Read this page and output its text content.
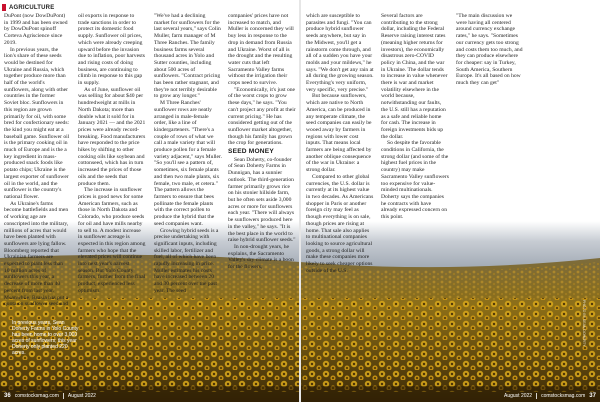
AGRICULTURE

DuPont (now DowDuPont) in 1999 and has been owned by DowDuPont spinoff Corteva Agriscience since 2019.

In previous years, the lion's share of these seeds would be destined for Ukraine and Russia, which together produce more than half of the world's sunflowers, along with other countries in the former Soviet bloc. Sunflowers in this region are grown primarily for oil, with some bred for confectionary seeds: the kind you might eat at a baseball game. Sunflower oil is the primary cooking oil in much of Europe and is the a key ingredient in mass-produced snack foods like potato chips; Ukraine is the largest exporter of sunflower oil in the world, and the sunflower is the country's national flower.

As Ukraine's farms become battlefields and men of working age are conscripted into the military, millions of acres that would have been planted with sunflowers are lying fallow. Bloomberg reported that Ukrainian farmers are expected to plant less than 10 million acres of sunflowers this year, a decrease of more than 40 percent from last year. Meanwhile, Russia has put a quota on sunflower seed and

oil exports in response to trade sanctions in order to protect its domestic food supply. Sunflower oil prices, which were already creeping upward before the invasion due to inflation, poor harvests and rising costs of doing business, are continuing to climb in response to this gap in supply.

As of June, sunflower oil was selling for about $40 per hundredweight at mills in North Dakota; more than double what it sold for in January 2021 — and the 2021 prices were already record-breaking. Food manufacturers have responded to the price hikes by shifting to other cooking oils like soybean and cottonseed, which has in turn increased the prices of those oils and the seeds that produce them.

The increase in sunflower prices is good news for some American farmers, such as those in North Dakota and Colorado, who produce seeds for oil and have mills nearby to sell to. A modest increase in sunflower acreage is expected in this region among farmers who hope that the elevated prices will continue into next year's harvest season. But Yolo County farmers, further from the final product, experienced less optimism.

"We've had a declining market for sunflowers for the last several years," says Colin Muller, farm manager of M Three Ranches. The family business farms several thousand acres in Yolo and Sutter counties, including about 500 acres of sunflowers. "Contract pricing has been rather stagnant, and they're not terribly desirable to grow any longer."

M Three Ranches' sunflower rows are neatly arranged in male-female order, like a line of kindergarteners. "There's a couple of rows of what we call a male variety that will produce pollen for a female variety adjacent," says Muller. "So you'll see a pattern of, sometimes, six female plants and then two male plants, six female, two male, et cetera." The pattern allows the farmers to ensure that bees pollinate the female plants with the correct pollen to produce the hybrid that the seed companies want.

Growing hybrid seeds is a precise undertaking with significant inputs, including skilled labor, fertilizer and fuel, all of which have been rapidly increasing in price. Muller estimates his costs have increased between 20 and 30 percent over the past year. The seed

companies' prices have not increased to match, and Muller is concerned they will buy less in response to the drop in demand from Russia and Ukraine. Worst of all is the drought and the resulting water cuts that left Sacramento Valley farms without the irrigation their crops need to survive.

"Economically, it's just one of the worst crops to grow these days," he says. "You can't project any profit at their current pricing." He has considered getting out of the sunflower market altogether, though his family has grown the crop for generations.

SEED MONEY

Sean Doherty, co-founder of Sean Doherty Farms in Dunnigan, has a sunnier outlook. The third-generation farmer primarily grows rice on his stonier hillside farm, but he often sets aside 3,000 acres or more for sunflowers each year. "There will always be sunflowers produced here in the valley," he says. "It is the best place in the world to raise hybrid sunflower seeds."

In non-drought years, he explains, the Sacramento Valley's dry climate is a boon for the flowers,

which are susceptible to parasites and fungi. "You can produce hybrid sunflower seeds anywhere, but say in the Midwest, you'll get a rainstorm come through, and all of a sudden you have your molds and your mildews," he says. "We don't get any rain at all during the growing season. Everything's very uniform, very specific, very precise."

But because sunflowers, which are native to North America, can be produced in any temperate climate, the seed companies can easily be wooed away by farmers in regions with lower cost inputs. That means local farmers are being affected by another oblique consequence of the war in Ukraine: a strong dollar.

Compared to other global currencies, the U.S. dollar is currently at its highest value in two decades. As Americans shopper in Paris or another foreign city may feel as though everything is on sale, though prices are rising at home. That sale also applies to multinational companies looking to source agricultural goods, a strong dollar will make these companies more likely to seek cheaper options outside of the U.S.

Several factors are contributing to the strong dollar, including the Federal Reserve raising interest rates (meaning higher returns for investors), the economically disastrous zero-COVID policy in China, and the war in Ukraine. The dollar tends to increase in value whenever there is war and market volatility elsewhere in the world because, notwithstanding our faults, the U.S. still has a reputation as a safe and reliable home for cash. The increase in foreign investments bids up the dollar.

So despite the favorable conditions in California, the strong dollar (and some of the highest fuel prices in the country) may make Sacramento Valley sunflowers too expensive for value-minded multinationals. Doherty says the companies he contracts with have already expressed concern on this point.

"The main discussion we were having all centered around currency exchange rates," he says. "Sometimes our currency gets too strong and costs them too much, and they can produce elsewhere for cheaper: say in Turkey, South America, Southern Europe. It's all based on how much they can get"

In previous years, Sean Doherty Farms in Yolo County has been home to over 3,000 acres of sunflowers; this year Doherty only planted 220 acres.
PHOTO BY SEAN DOHERTY
36 comstocksmag.com August 2022	August 2022 comstocksmag.com 37
